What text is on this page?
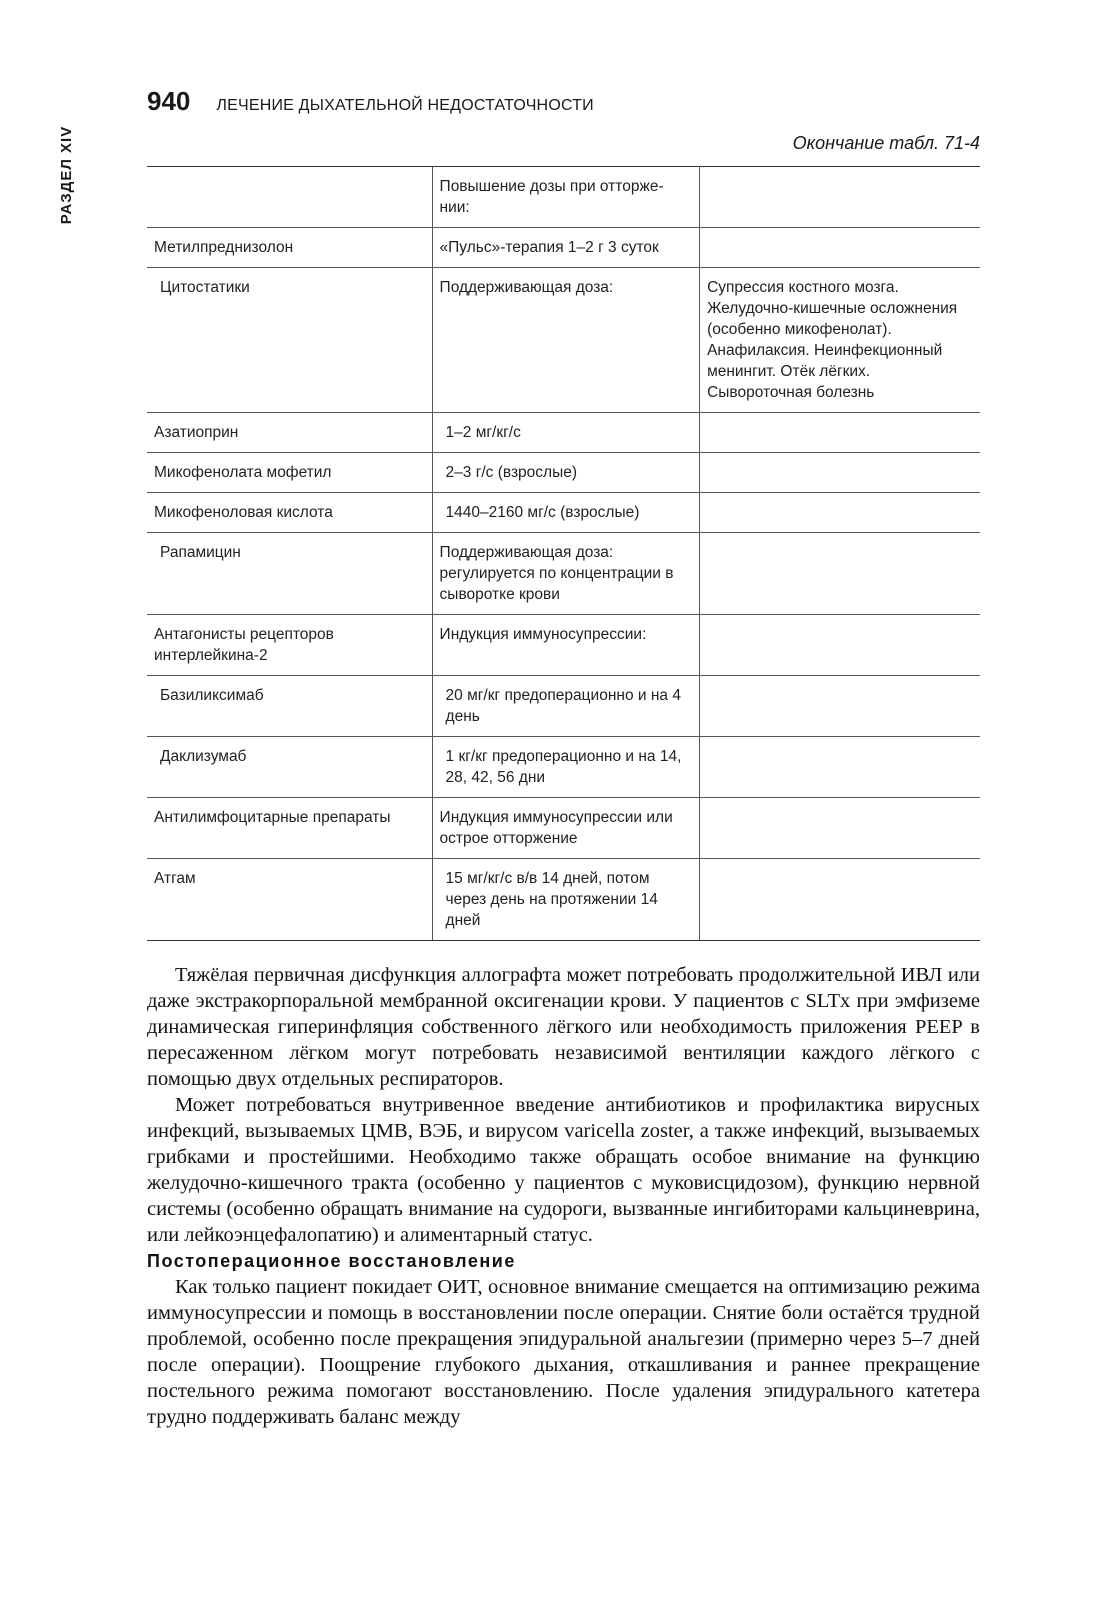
РАЗДЕЛ XIV
940 ЛЕЧЕНИЕ ДЫХАТЕЛЬНОЙ НЕДОСТАТОЧНОСТИ
Окончание табл. 71-4
	Повышение дозы при отторже-нии:	
Метилпреднизолон	«Пульс»-терапия 1–2 г 3 суток	
Цитостатики	Поддерживающая доза:	Супрессия костного мозга. Желудочно-кишечные осложнения (особенно микофенолат). Анафилаксия. Неинфекционный менингит. Отёк лёгких. Сывороточная болезнь
Азатиоприн	1–2 мг/кг/с	
Микофенолата мофетил	2–3 г/с (взрослые)	
Микофеноловая кислота	1440–2160 мг/с (взрослые)	
Рапамицин	Поддерживающая доза: регулируется по концентрации в сыворотке крови	
Антагонисты рецепторов интерлейкина-2	Индукция иммуносупрессии:	
Базиликсимаб	20 мг/кг предоперационно и на 4 день	
Даклизумаб	1 кг/кг предоперационно и на 14, 28, 42, 56 дни	
Антилимфоцитарные препараты	Индукция иммуносупрессии или острое отторжение	
Атгам	15 мг/кг/с в/в 14 дней, потом через день на протяжении 14 дней	

Тяжёлая первичная дисфункция аллографта может потребовать продолжительной ИВЛ или даже экстракорпоральной мембранной оксигенации крови. У пациентов с SLTx при эмфиземе динамическая гиперинфляция собственного лёгкого или необходимость приложения PEEP в пересаженном лёгком могут потребовать независимой вентиляции каждого лёгкого с помощью двух отдельных респираторов.

Может потребоваться внутривенное введение антибиотиков и профилактика вирусных инфекций, вызываемых ЦМВ, ВЭБ, и вирусом varicella zoster, а также инфекций, вызываемых грибками и простейшими. Необходимо также обращать особое внимание на функцию желудочно-кишечного тракта (особенно у пациентов с муковисцидозом), функцию нервной системы (особенно обращать внимание на судороги, вызванные ингибиторами кальциневрина, или лейкоэнцефалопатию) и алиментарный статус.

Постоперационное восстановление

Как только пациент покидает ОИТ, основное внимание смещается на оптимизацию режима иммуносупрессии и помощь в восстановлении после операции. Снятие боли остаётся трудной проблемой, особенно после прекращения эпидуральной анальгезии (примерно через 5–7 дней после операции). Поощрение глубокого дыхания, откашливания и раннее прекращение постельного режима помогают восстановлению. После удаления эпидурального катетера трудно поддерживать баланс между
